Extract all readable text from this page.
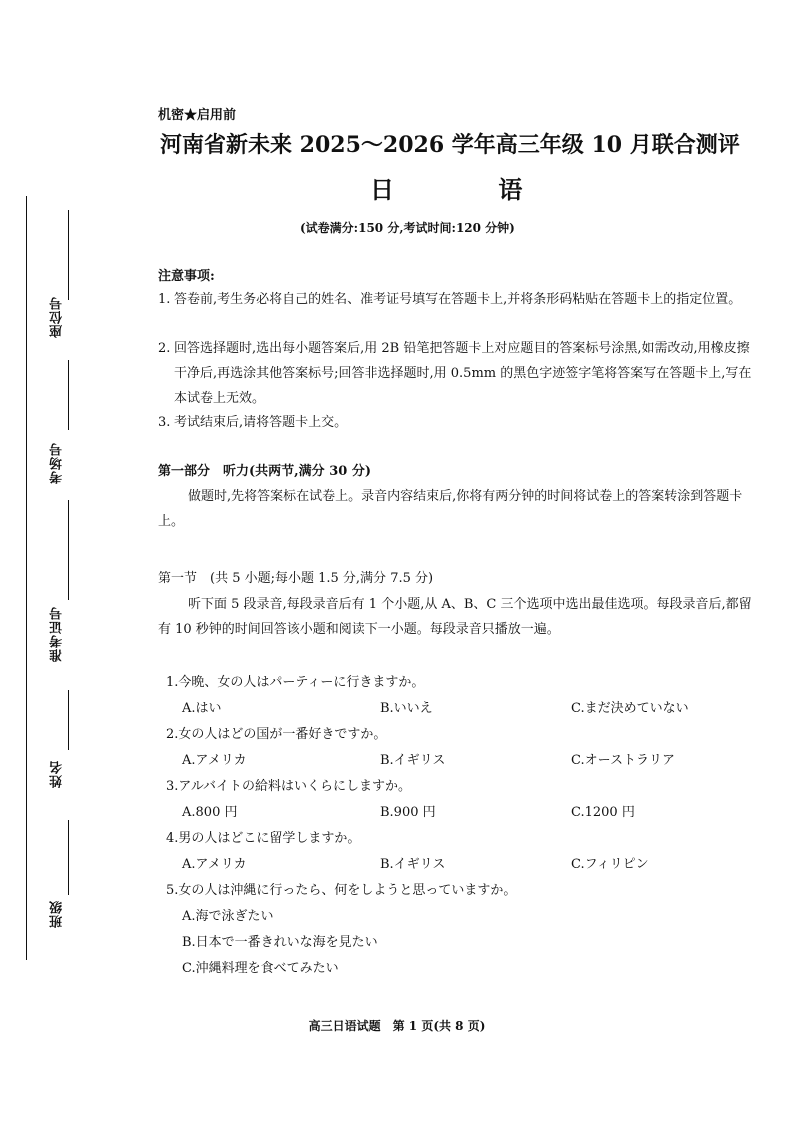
座位号
考场号
准考证号
姓名
班级
机密★启用前
河南省新未来 2025～2026 学年高三年级 10 月联合测评
日 语
(试卷满分:150 分,考试时间:120 分钟)
注意事项:
1. 答卷前,考生务必将自己的姓名、准考证号填写在答题卡上,并将条形码粘贴在答题卡上的指定位置。
2. 回答选择题时,选出每小题答案后,用 2B 铅笔把答题卡上对应题目的答案标号涂黑,如需改动,用橡皮擦干净后,再选涂其他答案标号;回答非选择题时,用 0.5mm 的黑色字迹签字笔将答案写在答题卡上,写在本试卷上无效。
3. 考试结束后,请将答题卡上交。
第一部分　听力(共两节,满分 30 分)
做题时,先将答案标在试卷上。录音内容结束后,你将有两分钟的时间将试卷上的答案转涂到答题卡上。
第一节　(共 5 小题;每小题 1.5 分,满分 7.5 分)
听下面 5 段录音,每段录音后有 1 个小题,从 A、B、C 三个选项中选出最佳选项。每段录音后,都留有 10 秒钟的时间回答该小题和阅读下一小题。每段录音只播放一遍。
1.今晩、女の人はパーティーに行きますか。
A.はい	B.いいえ	C.まだ決めていない
2.女の人はどの国が一番好きですか。
A.アメリカ	B.イギリス	C.オーストラリア
3.アルバイトの給料はいくらにしますか。
A.800 円	B.900 円	C.1200 円
4.男の人はどこに留学しますか。
A.アメリカ	B.イギリス	C.フィリピン
5.女の人は沖縄に行ったら、何をしようと思っていますか。
A.海で泳ぎたい
B.日本で一番きれいな海を見たい
C.沖縄料理を食べてみたい
高三日语试题　第 1 页(共 8 页)
